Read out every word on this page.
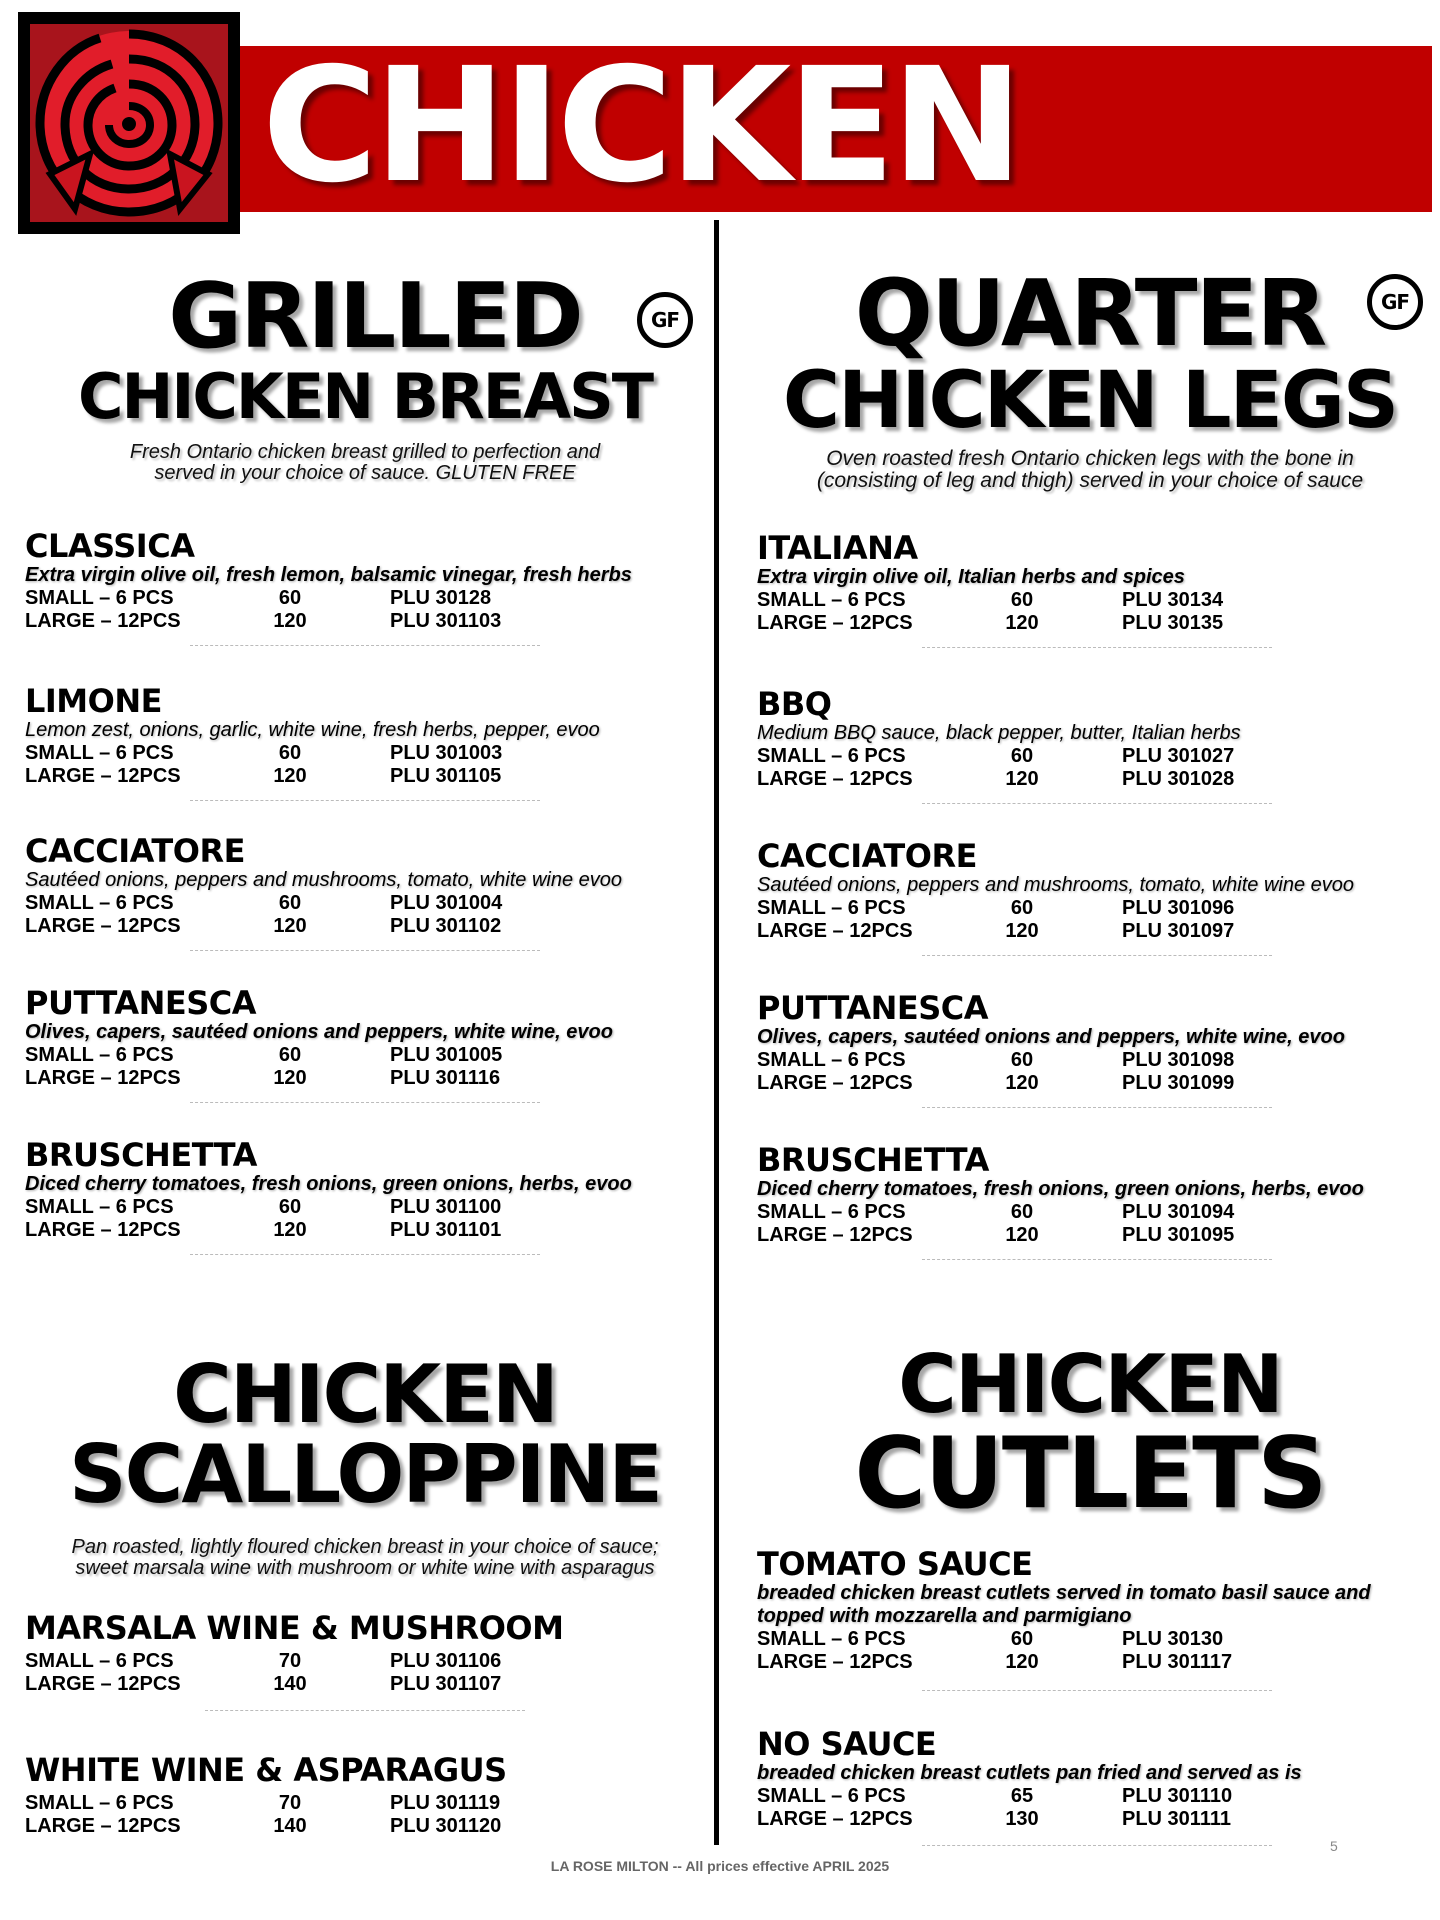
CHICKEN
GRILLED
CHICKEN BREAST
GF
Fresh Ontario chicken breast grilled to perfection and
served in your choice of sauce. GLUTEN FREE
CLASSICA
Extra virgin olive oil, fresh lemon, balsamic vinegar, fresh herbs
SMALL – 6 PCS	60	PLU 30128
LARGE – 12PCS	120	PLU 301103
LIMONE
Lemon zest, onions, garlic, white wine, fresh herbs, pepper, evoo
SMALL – 6 PCS	60	PLU 301003
LARGE – 12PCS	120	PLU 301105
CACCIATORE
Sautéed onions, peppers and mushrooms, tomato, white wine evoo
SMALL – 6 PCS	60	PLU 301004
LARGE – 12PCS	120	PLU 301102
PUTTANESCA
Olives, capers, sautéed onions and peppers, white wine, evoo
SMALL – 6 PCS	60	PLU 301005
LARGE – 12PCS	120	PLU 301116
BRUSCHETTA
Diced cherry tomatoes, fresh onions, green onions, herbs, evoo
SMALL – 6 PCS	60	PLU 301100
LARGE – 12PCS	120	PLU 301101
QUARTER
CHICKEN LEGS
GF
Oven roasted fresh Ontario chicken legs with the bone in
(consisting of leg and thigh) served in your choice of sauce
ITALIANA
Extra virgin olive oil, Italian herbs and spices
SMALL – 6 PCS	60	PLU 30134
LARGE – 12PCS	120	PLU 30135
BBQ
Medium BBQ sauce, black pepper, butter, Italian herbs
SMALL – 6 PCS	60	PLU 301027
LARGE – 12PCS	120	PLU 301028
CACCIATORE
Sautéed onions, peppers and mushrooms, tomato, white wine evoo
SMALL – 6 PCS	60	PLU 301096
LARGE – 12PCS	120	PLU 301097
PUTTANESCA
Olives, capers, sautéed onions and peppers, white wine, evoo
SMALL – 6 PCS	60	PLU 301098
LARGE – 12PCS	120	PLU 301099
BRUSCHETTA
Diced cherry tomatoes, fresh onions, green onions, herbs, evoo
SMALL – 6 PCS	60	PLU 301094
LARGE – 12PCS	120	PLU 301095
CHICKEN
SCALLOPPINE
Pan roasted, lightly floured chicken breast in your choice of sauce;
sweet marsala wine with mushroom or white wine with asparagus
MARSALA WINE & MUSHROOM
SMALL – 6 PCS	70	PLU 301106
LARGE – 12PCS	140	PLU 301107
WHITE WINE & ASPARAGUS
SMALL – 6 PCS	70	PLU 301119
LARGE – 12PCS	140	PLU 301120
CHICKEN
CUTLETS
TOMATO SAUCE
breaded chicken breast cutlets served in tomato basil sauce and topped with mozzarella and parmigiano
SMALL – 6 PCS	60	PLU 30130
LARGE – 12PCS	120	PLU 301117
NO SAUCE
breaded chicken breast cutlets pan fried and served as is
SMALL – 6 PCS	65	PLU 301110
LARGE – 12PCS	130	PLU 301111
5
LA ROSE MILTON -- All prices effective APRIL 2025
